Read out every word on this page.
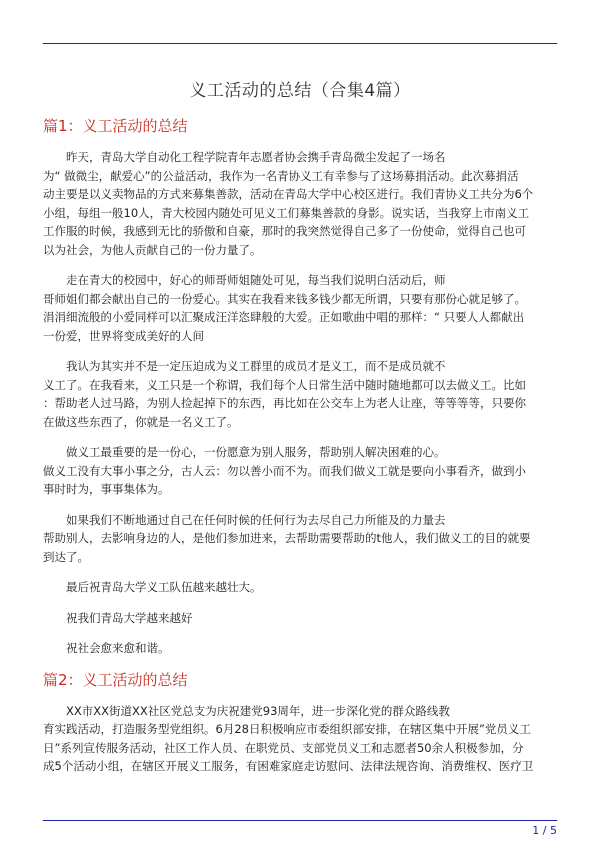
义工活动的总结（合集4篇）
篇1：义工活动的总结
昨天，青岛大学自动化工程学院青年志愿者协会携手青岛微尘发起了一场名
为“ 做微尘，献爱心”的公益活动，我作为一名青协义工有幸参与了这场募捐活动。此次募捐活
动主要是以义卖物品的方式来募集善款，活动在青岛大学中心校区进行。我们青协义工共分为6个
小组，每组一般10人，青大校园内随处可见义工们募集善款的身影。说实话，当我穿上市南义工
工作服的时候，我感到无比的骄傲和自豪，那时的我突然觉得自己多了一份使命，觉得自己也可
以为社会，为他人贡献自己的一份力量了。
走在青大的校园中，好心的师哥师姐随处可见，每当我们说明白活动后，师
哥师姐们都会献出自己的一份爱心。其实在我看来钱多钱少都无所谓，只要有那份心就足够了。
涓涓细流般的小爱同样可以汇聚成汪洋恣肆般的大爱。正如歌曲中唱的那样：“ 只要人人都献出
一份爱，世界将变成美好的人间
我认为其实并不是一定压迫成为义工群里的成员才是义工，而不是成员就不
义工了。在我看来，义工只是一个称谓，我们每个人日常生活中随时随地都可以去做义工。比如
：帮助老人过马路，为别人捡起掉下的东西，再比如在公交车上为老人让座，等等等等，只要你
在做这些东西了，你就是一名义工了。
做义工最重要的是一份心，一份愿意为别人服务，帮助别人解决困难的心。
做义工没有大事小事之分，古人云：勿以善小而不为。而我们做义工就是要向小事看齐，做到小
事时时为，事事集体为。
如果我们不断地通过自己在任何时候的任何行为去尽自己力所能及的力量去
帮助别人，去影响身边的人，是他们参加进来，去帮助需要帮助的t他人，我们做义工的目的就要
到达了。
最后祝青岛大学义工队伍越来越壮大。
祝我们青岛大学越来越好
祝社会愈来愈和谐。
篇2：义工活动的总结
XX市XX街道XX社区党总支为庆祝建党93周年，进一步深化党的群众路线教
育实践活动，打造服务型党组织。6月28日积极响应市委组织部安排，在辖区集中开展”党员义工
日”系列宣传服务活动，社区工作人员、在职党员、支部党员义工和志愿者50余人积极参加，分
成5个活动小组，在辖区开展义工服务，有困难家庭走访慰问、法律法规咨询、消费维权、医疗卫
1 / 5
